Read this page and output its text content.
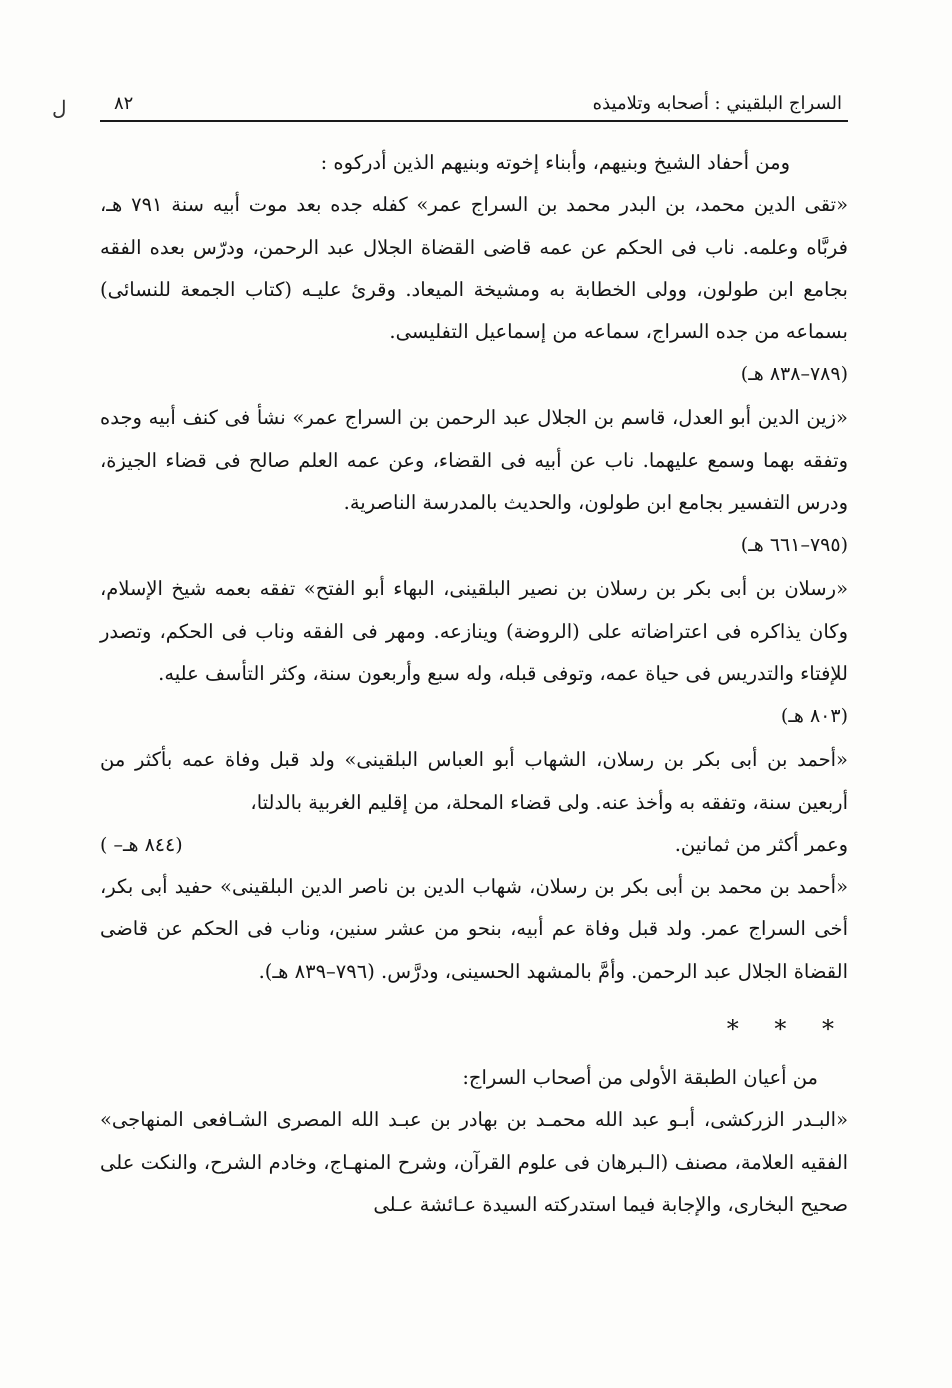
ﻝ	السراج البلقيني : أصحابه وتلاميذه
٨٢

ومن أحفاد الشيخ وبنيهم، وأبناء إخوته وبنيهم الذين أدركوه :

«تقى الدين محمد، بن البدر محمد بن السراج عمر» كفله جده بعد موت أبيه سنة ٧٩١ هـ، فربَّاه وعلمه. ناب فى الحكم عن عمه قاضى القضاة الجلال عبد الرحمن، ودرّس بعده الفقه بجامع ابن طولون، وولى الخطابة به ومشيخة الميعاد. وقرئ عليـه (كتاب الجمعة للنسائى) بسماعه من جده السراج، سماعه من إسماعيل التفليسى.

(٧٨٩–٨٣٨ هـ)

«زين الدين أبو العدل، قاسم بن الجلال عبد الرحمن بن السراج عمر» نشأ فى كنف أبيه وجده وتفقه بهما وسمع عليهما. ناب عن أبيه فى القضاء، وعن عمه العلم صالح فى قضاء الجيزة، ودرس التفسير بجامع ابن طولون، والحديث بالمدرسة الناصرية.

(٧٩٥–٦٦١ هـ)

«رسلان بن أبى بكر بن رسلان بن نصير البلقينى، البهاء أبو الفتح» تفقه بعمه شيخ الإسلام، وكان يذاكره فى اعتراضاته على (الروضة) وينازعه. ومهر فى الفقه وناب فى الحكم، وتصدر للإفتاء والتدريس فى حياة عمه، وتوفى قبله، وله سبع وأربعون سنة، وكثر التأسف عليه.

(٨٠٣ هـ)

«أحمد بن أبى بكر بن رسلان، الشهاب أبو العباس البلقينى» ولد قبل وفاة عمه بأكثر من أربعين سنة، وتفقه به وأخذ عنه. ولى قضاء المحلة، من إقليم الغربية بالدلتا،

وعمر أكثر من ثمانين.
( –٨٤٤ هـ)

«أحمد بن محمد بن أبى بكر بن رسلان، شهاب الدين بن ناصر الدين البلقينى» حفيد أبى بكر، أخى السراج عمر. ولد قبل وفاة عم أبيه، بنحو من عشر سنين، وناب فى الحكم عن قاضى القضاة الجلال عبد الرحمن. وأمَّ بالمشهد الحسينى، ودرَّس. (٧٩٦–٨٣٩ هـ).

* * *

من أعيان الطبقة الأولى من أصحاب السراج:

«البـدر الزركشى، أبـو عبد الله محمـد بن بهادر بن عبـد الله المصرى الشـافعى المنهاجى» الفقيه العلامة، مصنف (الـبرهان فى علوم القرآن، وشرح المنهـاج، وخادم الشرح، والنكت على صحيح البخارى، والإجابة فيما استدركته السيدة عـائشة عـلى
